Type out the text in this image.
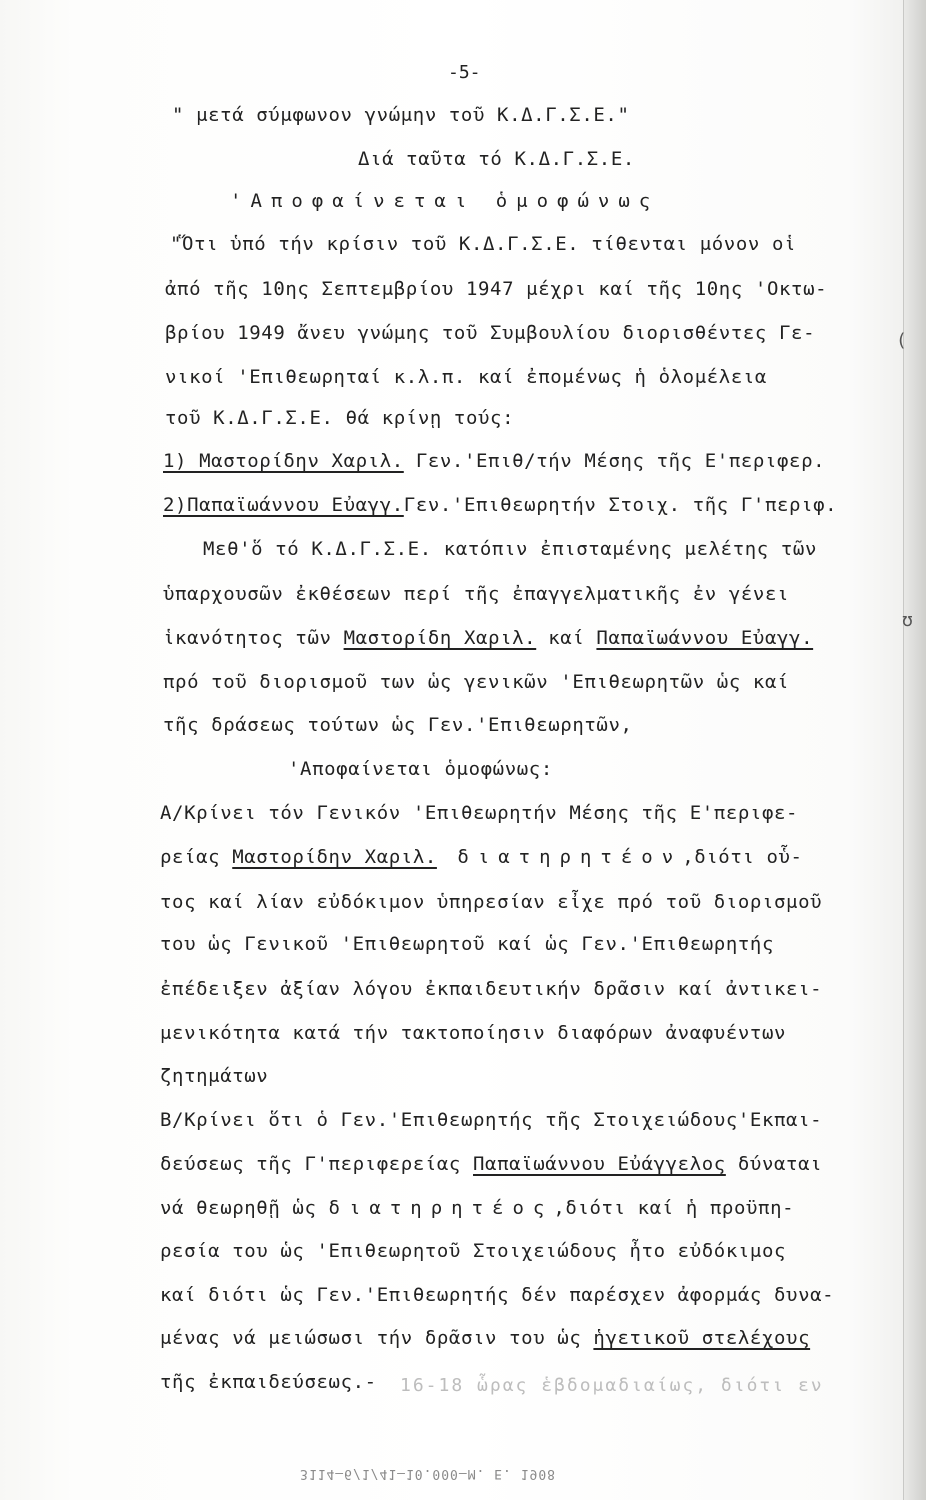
-5-
" μετά σύμφωνον γνώμην τοῦ Κ.Δ.Γ.Σ.Ε."
Διά ταῦτα τό Κ.Δ.Γ.Σ.Ε.
'Αποφαίνεται ὁμοφώνως
"Ὅτι ὑπό τήν κρίσιν τοῦ Κ.Δ.Γ.Σ.Ε. τίθενται μόνον οἱ
ἀπό τῆς 10ης Σεπτεμβρίου 1947 μέχρι καί τῆς 10ης 'Οκτω-
βρίου 1949 ἄνευ γνώμης τοῦ Συμβουλίου διορισθέντες Γε-
νικοί 'Επιθεωρηταί κ.λ.π. καί ἐπομένως ἡ ὁλομέλεια
τοῦ Κ.Δ.Γ.Σ.Ε. θά κρίνῃ τούς:
1) Μαστορίδην Χαριλ. Γεν.'Επιθ/τήν Μέσης τῆς Ε'περιφερ.
2)Παπαϊωάννου Εὐαγγ.Γεν.'Επιθεωρητήν Στοιχ. τῆς Γ'περιφ.
Μεθ'ὅ τό Κ.Δ.Γ.Σ.Ε. κατόπιν ἐπισταμένης μελέτης τῶν
ὑπαρχουσῶν ἐκθέσεων περί τῆς ἐπαγγελματικῆς ἐν γένει
ἱκανότητος τῶν Μαστορίδη Χαριλ. καί Παπαϊωάννου Εὐαγγ.
πρό τοῦ διορισμοῦ των ὡς γενικῶν 'Επιθεωρητῶν ὡς καί
τῆς δράσεως τούτων ὡς Γεν.'Επιθεωρητῶν,
'Αποφαίνεται ὁμοφώνως:
Α/Κρίνει τόν Γενικόν 'Επιθεωρητήν Μέσης τῆς Ε'περιφε-
ρείας Μαστορίδην Χαριλ. διατηρητέον,διότι οὗ-
τος καί λίαν εὐδόκιμον ὑπηρεσίαν εἶχε πρό τοῦ διορισμοῦ
του ὡς Γενικοῦ 'Επιθεωρητοῦ καί ὡς Γεν.'Επιθεωρητής
ἐπέδειξεν ἀξίαν λόγου ἐκπαιδευτικήν δρᾶσιν καί ἀντικει-
μενικότητα κατά τήν τακτοποίησιν διαφόρων ἀναφυέντων
ζητημάτων
Β/Κρίνει ὅτι ὁ Γεν.'Επιθεωρητής τῆς Στοιχειώδους'Εκπαι-
δεύσεως τῆς Γ'περιφερείας Παπαϊωάννου Εὐάγγελος δύναται
νά θεωρηθῇ ὡς διατηρητέος,διότι καί ἡ προϋπη-
ρεσία του ὡς 'Επιθεωρητοῦ Στοιχειώδους ἦτο εὐδόκιμος
καί διότι ὡς Γεν.'Επιθεωρητής δέν παρέσχεν ἀφορμάς δυνα-
μένας νά μειώσωσι τήν δρᾶσιν του ὡς ἡγετικοῦ στελέχους
τῆς ἐκπαιδεύσεως.- 16-18 ὧρας ἑβδομαδιαίως, διότι εν
3114—6/1/41—10.000—Μ. Ε. 1908
(
ʊ
